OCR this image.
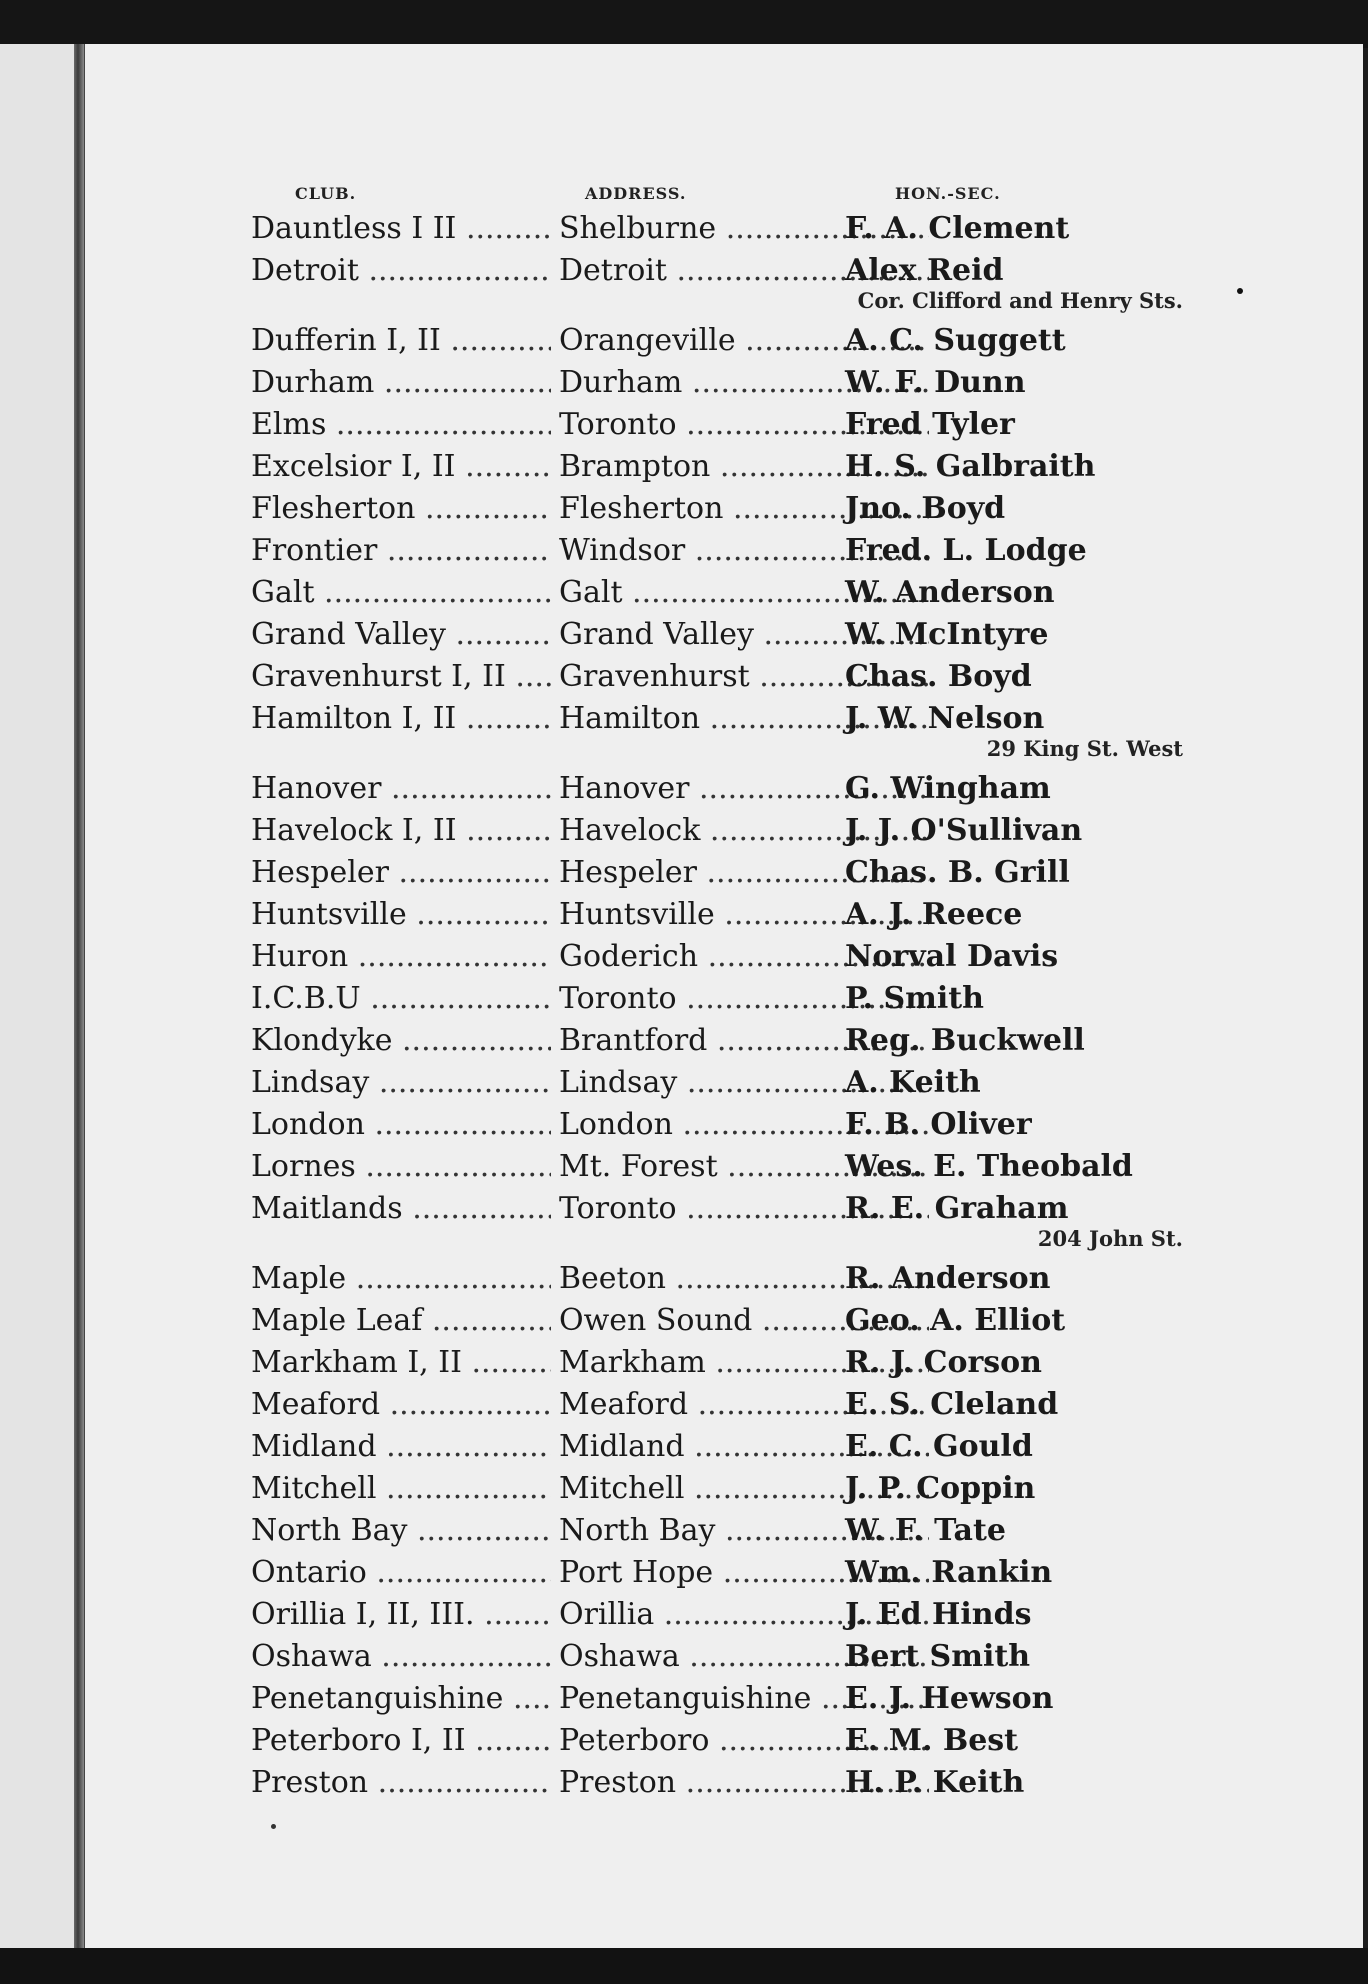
CLUB.	ADDRESS.	HON.-SEC.
Dauntless I II .....	Shelburne .....	F. A. Clement
Detroit .....	Detroit .....	Alex Reid
Cor. Clifford and Henry Sts.
Dufferin I, II .....	Orangeville .....	A. C. Suggett
Durham .....	Durham .....	W. F. Dunn
Elms .....	Toronto .....	Fred Tyler
Excelsior I, II .....	Brampton .....	H. S. Galbraith
Flesherton .....	Flesherton .....	Jno. Boyd
Frontier .....	Windsor .....	Fred. L. Lodge
Galt .....	Galt .....	W. Anderson
Grand Valley .....	Grand Valley .....	W. McIntyre
Gravenhurst I, II .....	Gravenhurst .....	Chas. Boyd
Hamilton I, II .....	Hamilton .....	J. W. Nelson
29 King St. West
Hanover .....	Hanover .....	G. Wingham
Havelock I, II .....	Havelock .....	J. J. O'Sullivan
Hespeler .....	Hespeler .....	Chas. B. Grill
Huntsville .....	Huntsville .....	A. J. Reece
Huron .....	Goderich .....	Norval Davis
I.C.B.U .....	Toronto .....	P. Smith
Klondyke .....	Brantford .....	Reg. Buckwell
Lindsay .....	Lindsay .....	A. Keith
London .....	London .....	F. B. Oliver
Lornes .....	Mt. Forest .....	Wes. E. Theobald
Maitlands .....	Toronto .....	R. E. Graham
204 John St.
Maple .....	Beeton .....	R. Anderson
Maple Leaf .....	Owen Sound .....	Geo. A. Elliot
Markham I, II .....	Markham .....	R. J. Corson
Meaford .....	Meaford .....	E. S. Cleland
Midland .....	Midland .....	E. C. Gould
Mitchell .....	Mitchell .....	J. P. Coppin
North Bay .....	North Bay .....	W. F. Tate
Ontario .....	Port Hope .....	Wm. Rankin
Orillia I, II, III. .....	Orillia .....	J. Ed Hinds
Oshawa .....	Oshawa .....	Bert Smith
Penetanguishine .....	Penetanguishine .....	E. J. Hewson
Peterboro I, II .....	Peterboro .....	E. M. Best
Preston .....	Preston .....	H. P. Keith
